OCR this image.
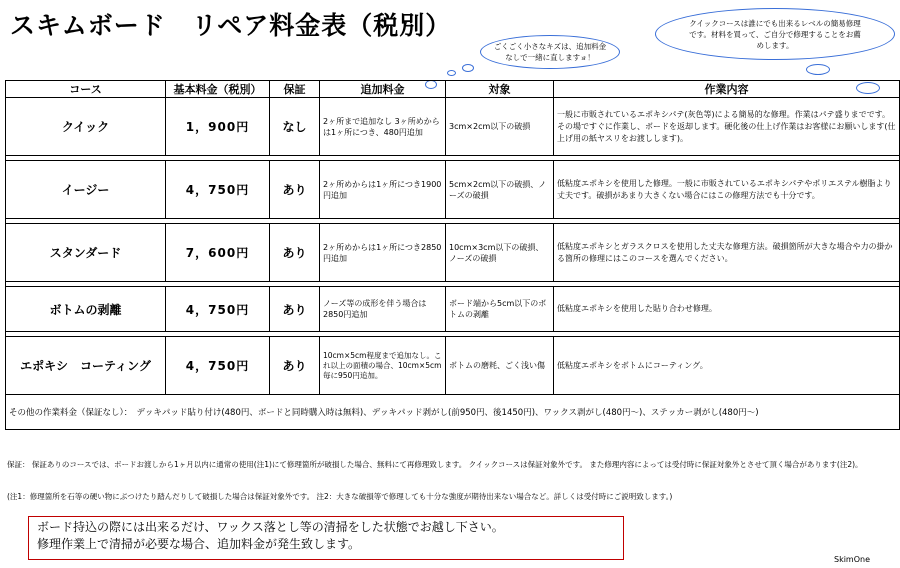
スキムボード　リペア料金表（税別）
ごくごく小さなキズは、追加料金なしで一緒に直しますョ！
クイックコースは誰にでも出来るレベルの簡易修理です。材料を買って、ご自分で修理することをお薦めします。
コース	基本料金（税別）	保証	追加料金	対象	作業内容
クイック	1，900円	なし	2ヶ所まで追加なし 3ヶ所めからは1ヶ所につき、480円追加	3cm×2cm以下の破損	一般に市販されているエポキシパテ(灰色等)による簡易的な修理。作業はパテ盛りまでです。その場ですぐに作業し、ボードを返却します。硬化後の仕上げ作業はお客様にお願いします(仕上げ用の紙ヤスリをお渡しします)。

イージー	4，750円	あり	2ヶ所めからは1ヶ所につき1900円追加	5cm×2cm以下の破損、ノーズの破損	低粘度エポキシを使用した修理。一般に市販されているエポキシパテやポリエステル樹脂より丈夫です。破損があまり大きくない場合にはこの修理方法でも十分です。

スタンダード	7，600円	あり	2ヶ所めからは1ヶ所につき2850円追加	10cm×3cm以下の破損、ノーズの破損	低粘度エポキシとガラスクロスを使用した丈夫な修理方法。破損箇所が大きな場合や力の掛かる箇所の修理にはこのコースを選んでください。

ボトムの剥離	4，750円	あり	ノーズ等の成形を伴う場合は2850円追加	ボード端から5cm以下のボトムの剥離	低粘度エポキシを使用した貼り合わせ修理。

エポキシ　コーティング	4，750円	あり	10cm×5cm程度まで追加なし。これ以上の面積の場合、10cm×5cm毎に950円追加。	ボトムの磨耗、ごく浅い傷	低粘度エポキシをボトムにコーティング。
その他の作業料金（保証なし）：　デッキパッド貼り付け(480円、ボードと同時購入時は無料)、デッキパッド剥がし(前950円、後1450円)、ワックス剥がし(480円～)、ステッカー剥がし(480円～)					
保証： 保証ありのコースでは、ボードお渡しから1ヶ月以内に通常の使用(注1)にて修理箇所が破損した場合、無料にて再修理致します。 クイックコースは保証対象外です。 また修理内容によっては受付時に保証対象外とさせて頂く場合があります(注2)。
(注1：修理箇所を石等の硬い物にぶつけたり踏んだりして破損した場合は保証対象外です。 注2：大きな破損等で修理しても十分な強度が期待出来ない場合など。詳しくは受付時にご説明致します。)
ボード持込の際には出来るだけ、ワックス落とし等の清掃をした状態でお越し下さい。
修理作業上で清掃が必要な場合、追加料金が発生致します。
SkimOne
